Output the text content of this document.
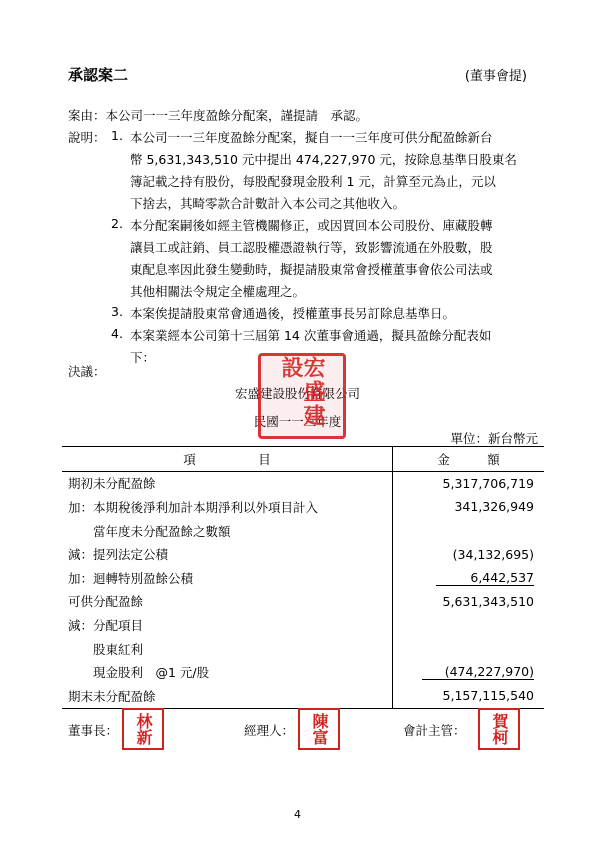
承認案二	(董事會提)
案由：本公司一一三年度盈餘分配案，謹提請　承認。
說明： 1. 本公司一一三年度盈餘分配案，擬自一一三年度可供分配盈餘新台
幣 5,631,343,510 元中提出 474,227,970 元，按除息基準日股東名
簿記載之持有股份，每股配發現金股利 1 元，計算至元為止，元以
下捨去，其畸零款合計數計入本公司之其他收入。
2. 本分配案嗣後如經主管機關修正，或因買回本公司股份、庫藏股轉
讓員工或註銷、員工認股權憑證執行等，致影響流通在外股數，股
東配息率因此發生變動時，擬提請股東常會授權董事會依公司法或
其他相關法令規定全權處理之。
3. 本案俟提請股東常會通過後，授權董事長另訂除息基準日。
4. 本案業經本公司第十三屆第 14 次董事會通過，擬具盈餘分配表如
下：
決議：
宏盛建設股份有限公司
民國一一三年度
宏盛建設
單位：新台幣元
項　　　　　目	金　　　額
期初未分配盈餘	5,317,706,719
加：本期稅後淨利加計本期淨利以外項目計入	341,326,949
　　當年度未分配盈餘之數額	
減：提列法定公積	(34,132,695)
加：迴轉特別盈餘公積	6,442,537
可供分配盈餘	5,631,343,510
減：分配項目	
　　股東紅利	
　　現金股利　@1 元/股	(474,227,970)
期末未分配盈餘	5,157,115,540
董事長： 林新	經理人： 陳富	會計主管： 賀柯
4
